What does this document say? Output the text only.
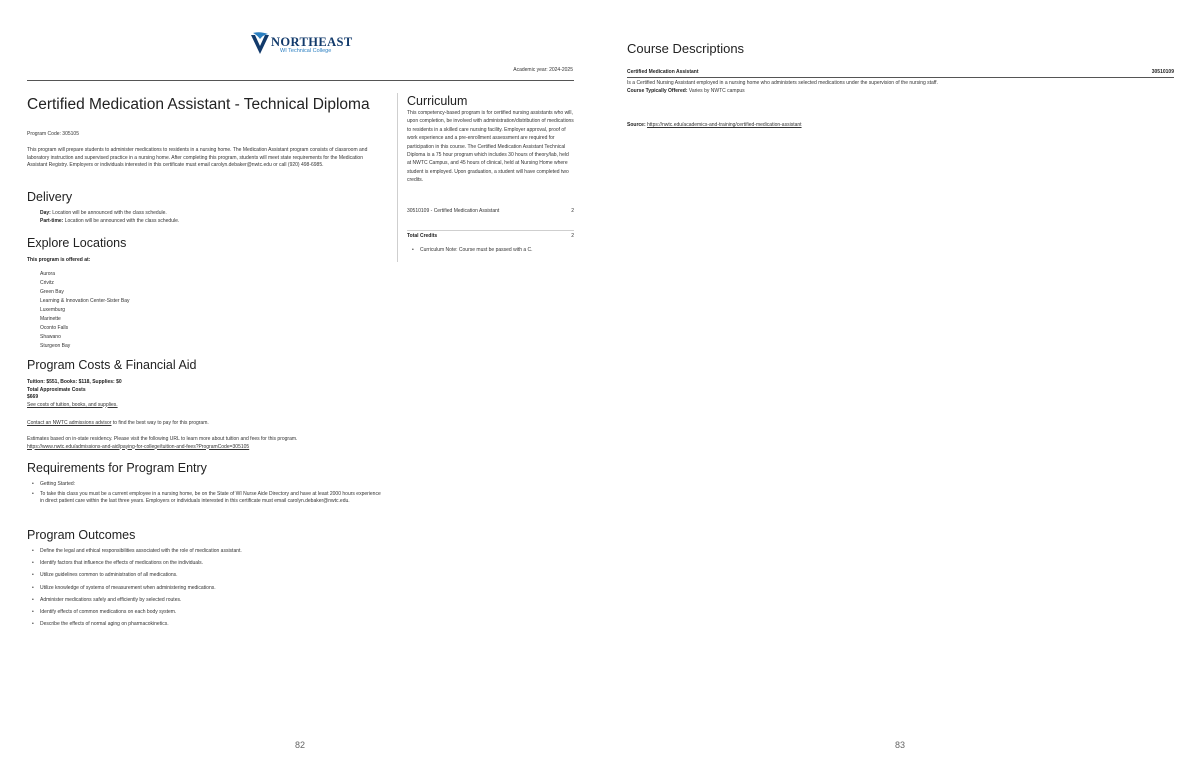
NORTHEAST
WI Technical College
Academic year: 2024-2025
Certified Medication Assistant - Technical Diploma
Program Code: 305105
This program will prepare students to administer medications to residents in a nursing home. The Medication Assistant program consists of classroom and laboratory instruction and supervised practice in a nursing home. After completing this program, students will meet state requirements for the Medication Assistant Registry. Employers or individuals interested in this certificate must email carolyn.debaker@nwtc.edu or call (920) 498-6985.
Delivery
Day: Location will be announced with the class schedule.
Part-time: Location will be announced with the class schedule.
Explore Locations
This program is offered at:
Aurora
Crivitz
Green Bay
Learning & Innovation Center-Sister Bay
Luxemburg
Marinette
Oconto Falls
Shawano
Sturgeon Bay
Program Costs & Financial Aid
Tuition: $551, Books: $118, Supplies: $0
Total Approximate Costs
$669
See costs of tuition, books, and supplies.
Contact an NWTC admissions advisor to find the best way to pay for this program.
Estimates based on in-state residency. Please visit the following URL to learn more about tuition and fees for this program.
https://www.nwtc.edu/admissions-and-aid/paying-for-college/tuition-and-fees?ProgramCode=305105
Requirements for Program Entry
• Getting Started:
• To take this class you must be a current employee in a nursing home, be on the State of WI Nurse Aide Directory and have at least 2000 hours experience in direct patient care within the last three years. Employers or individuals interested in this certificate must email carolyn.debaker@nwtc.edu.
Program Outcomes
• Define the legal and ethical responsibilities associated with the role of medication assistant.
• Identify factors that influence the effects of medications on the individuals.
• Utilize guidelines common to administration of all medications.
• Utilize knowledge of systems of measurement when administering medications.
• Administer medications safely and efficiently by selected routes.
• Identify effects of common medications on each body system.
• Describe the effects of normal aging on pharmacokinetics.
Curriculum
This competency-based program is for certified nursing assistants who will, upon completion, be involved with administration/distribution of medications to residents in a skilled care nursing facility. Employer approval, proof of work experience and a pre-enrollment assessment are required for participation in this course. The Certified Medication Assistant Technical Diploma is a 75 hour program which includes 30 hours of theory/lab, held at NWTC Campus, and 45 hours of clinical, held at Nursing Home where student is employed. Upon graduation, a student will have completed two credits.
30510109 - Certified Medication Assistant	2
Total Credits	2
• Curriculum Note: Course must be passed with a C.
82
Course Descriptions
Certified Medication Assistant	30510109
Is a Certified Nursing Assistant employed in a nursing home who administers selected medications under the supervision of the nursing staff.
Course Typically Offered: Varies by NWTC campus
Source: https://nwtc.edu/academics-and-training/certified-medication-assistant
83
